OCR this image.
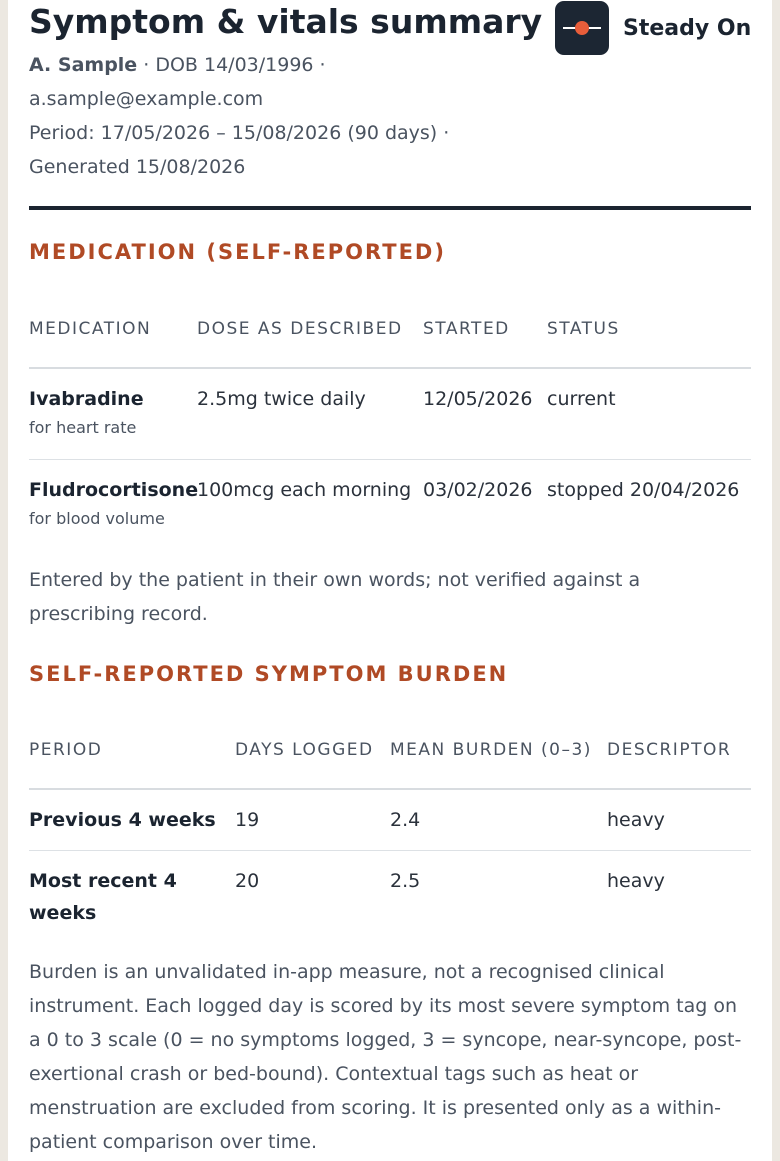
Symptom & vitals summary	Steady On
A. Sample · DOB 14/03/1996 ·
a.sample@example.com
Period: 17/05/2026 – 15/08/2026 (90 days) ·
Generated 15/08/2026
MEDICATION (SELF-REPORTED)
MEDICATION	DOSE AS DESCRIBED	STARTED	STATUS

Ivabradine
for heart rate	2.5mg twice daily	12/05/2026	current

Fludrocortisone
for blood volume	100mcg each morning	03/02/2026	stopped 20/04/2026

Entered by the patient in their own words; not verified against a prescribing record.

SELF-REPORTED SYMPTOM BURDEN
PERIOD	DAYS LOGGED	MEAN BURDEN (0–3)	DESCRIPTOR

Previous 4 weeks	19	2.4	heavy

Most recent 4 weeks	20	2.5	heavy

Burden is an unvalidated in-app measure, not a recognised clinical instrument. Each logged day is scored by its most severe symptom tag on a 0 to 3 scale (0 = no symptoms logged, 3 = syncope, near-syncope, post-exertional crash or bed-bound). Contextual tags such as heat or menstruation are excluded from scoring. It is presented only as a within-patient comparison over time.
